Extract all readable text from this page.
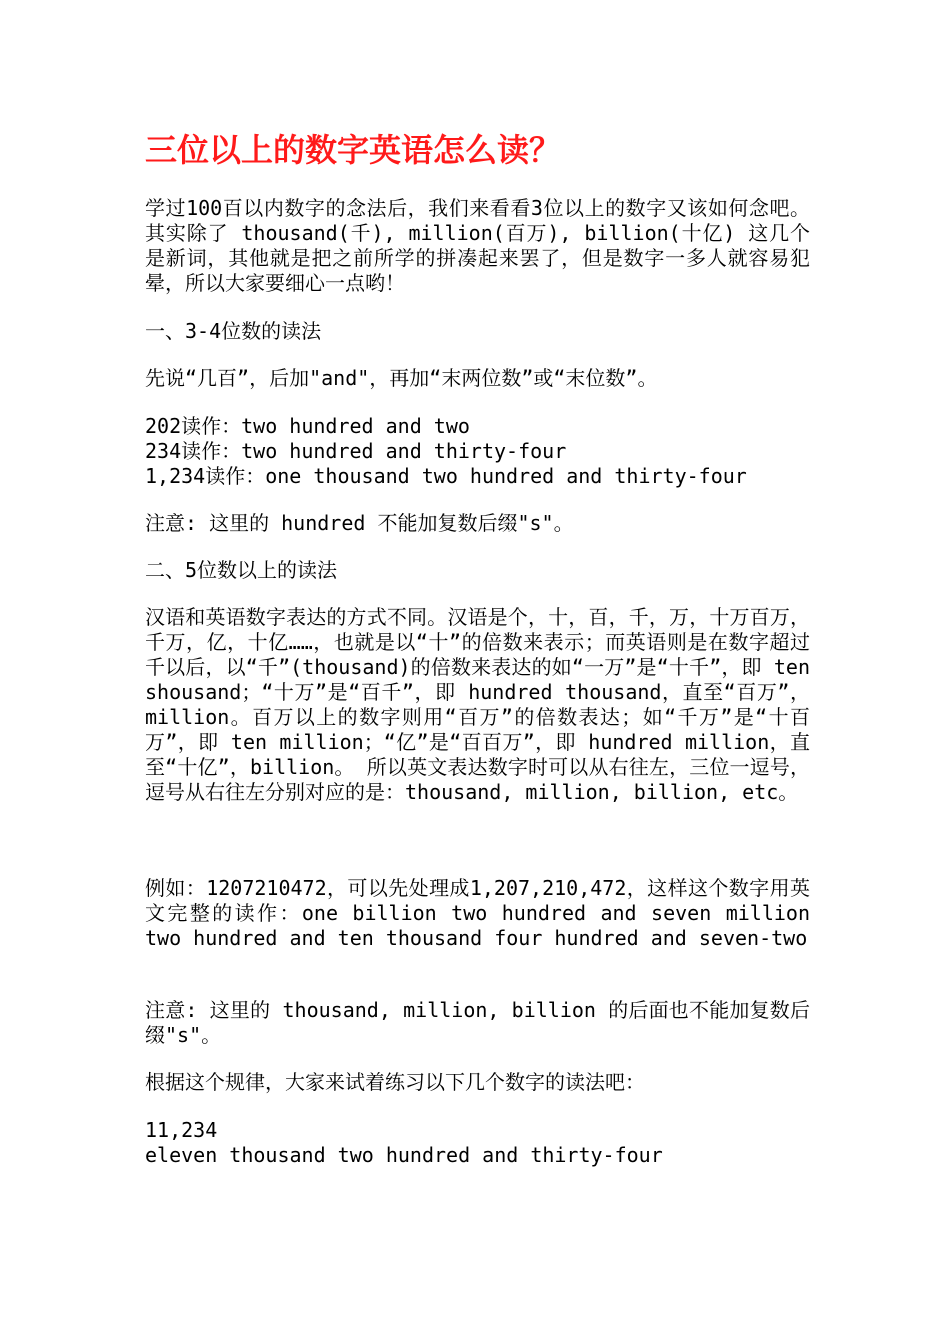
三位以上的数字英语怎么读？

学过100百以内数字的念法后，我们来看看3位以上的数字又该如何念吧。其实除了 thousand(千), million(百万), billion(十亿) 这几个是新词，其他就是把之前所学的拼凑起来罢了，但是数字一多人就容易犯晕，所以大家要细心一点哟！

一、3-4位数的读法

先说“几百”，后加"and"，再加“末两位数”或“末位数”。

202读作：two hundred and two

234读作：two hundred and thirty-four

1,234读作：one thousand two hundred and thirty-four

注意: 这里的 hundred 不能加复数后缀"s"。

二、5位数以上的读法

汉语和英语数字表达的方式不同。汉语是个，十，百，千，万，十万百万，千万，亿，十亿……，也就是以“十”的倍数来表示；而英语则是在数字超过千以后，以“千”(thousand)的倍数来表达的如“一万”是“十千”，即 ten shousand；“十万”是“百千”，即 hundred thousand，直至“百万”，million。百万以上的数字则用“百万”的倍数表达；如“千万”是“十百万”，即 ten million；“亿”是“百百万”，即 hundred million，直至“十亿”，billion。 所以英文表达数字时可以从右往左，三位一逗号，逗号从右往左分别对应的是：thousand, million, billion, etc。

例如：1207210472，可以先处理成1,207,210,472，这样这个数字用英文完整的读作：one billion two hundred and seven million two hundred and ten thousand four hundred and seven-two

注意: 这里的 thousand, million, billion 的后面也不能加复数后缀"s"。

根据这个规律，大家来试着练习以下几个数字的读法吧：

11,234

eleven thousand two hundred and thirty-four
